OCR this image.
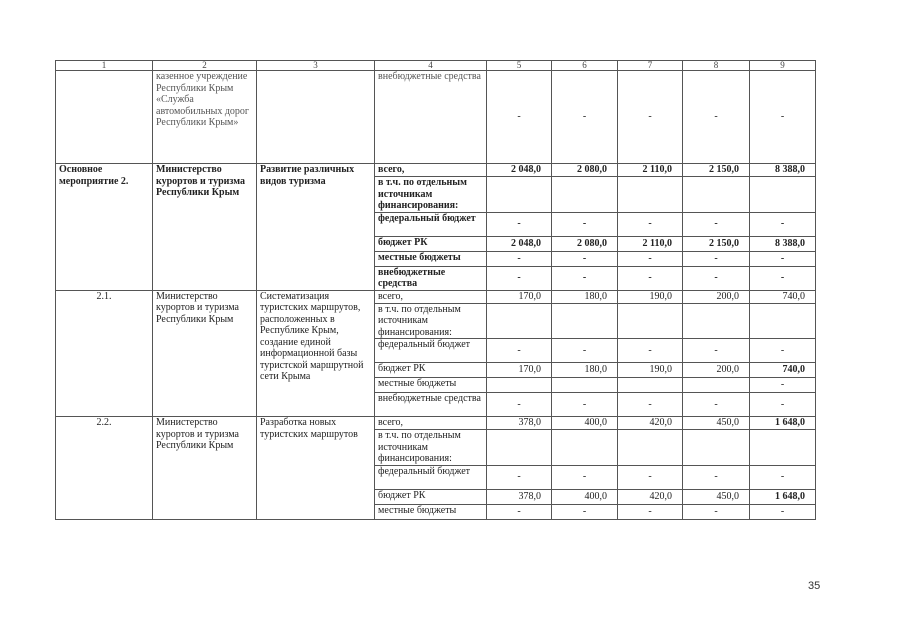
1	2	3	4	5	6	7	8	9
	казенное учреждение Республики Крым «Служба автомобильных дорог Республики Крым»		внебюджетные средства	-	-	-	-	-
Основное мероприятие 2.	Министерство курортов и туризма Республики Крым	Развитие различных видов туризма	всего,	2 048,0	2 080,0	2 110,0	2 150,0	8 388,0
			в т.ч. по отдельным источникам финансирования:					
			федеральный бюджет	-	-	-	-	-
			бюджет РК	2 048,0	2 080,0	2 110,0	2 150,0	8 388,0
			местные бюджеты	-	-	-	-	-
			внебюджетные средства	-	-	-	-	-
2.1.	Министерство курортов и туризма Республики Крым	Систематизация туристских маршрутов, расположенных в Республике Крым, создание единой информационной базы туристской маршрутной сети Крыма	всего,	170,0	180,0	190,0	200,0	740,0
			в т.ч. по отдельным источникам финансирования:					
			федеральный бюджет	-	-	-	-	-
			бюджет РК	170,0	180,0	190,0	200,0	740,0
			местные бюджеты					-
			внебюджетные средства	-	-	-	-	-
2.2.	Министерство курортов и туризма Республики Крым	Разработка новых туристских маршрутов	всего,	378,0	400,0	420,0	450,0	1 648,0
			в т.ч. по отдельным источникам финансирования:					
			федеральный бюджет	-	-	-	-	-
			бюджет РК	378,0	400,0	420,0	450,0	1 648,0
			местные бюджеты	-	-	-	-	-
35
